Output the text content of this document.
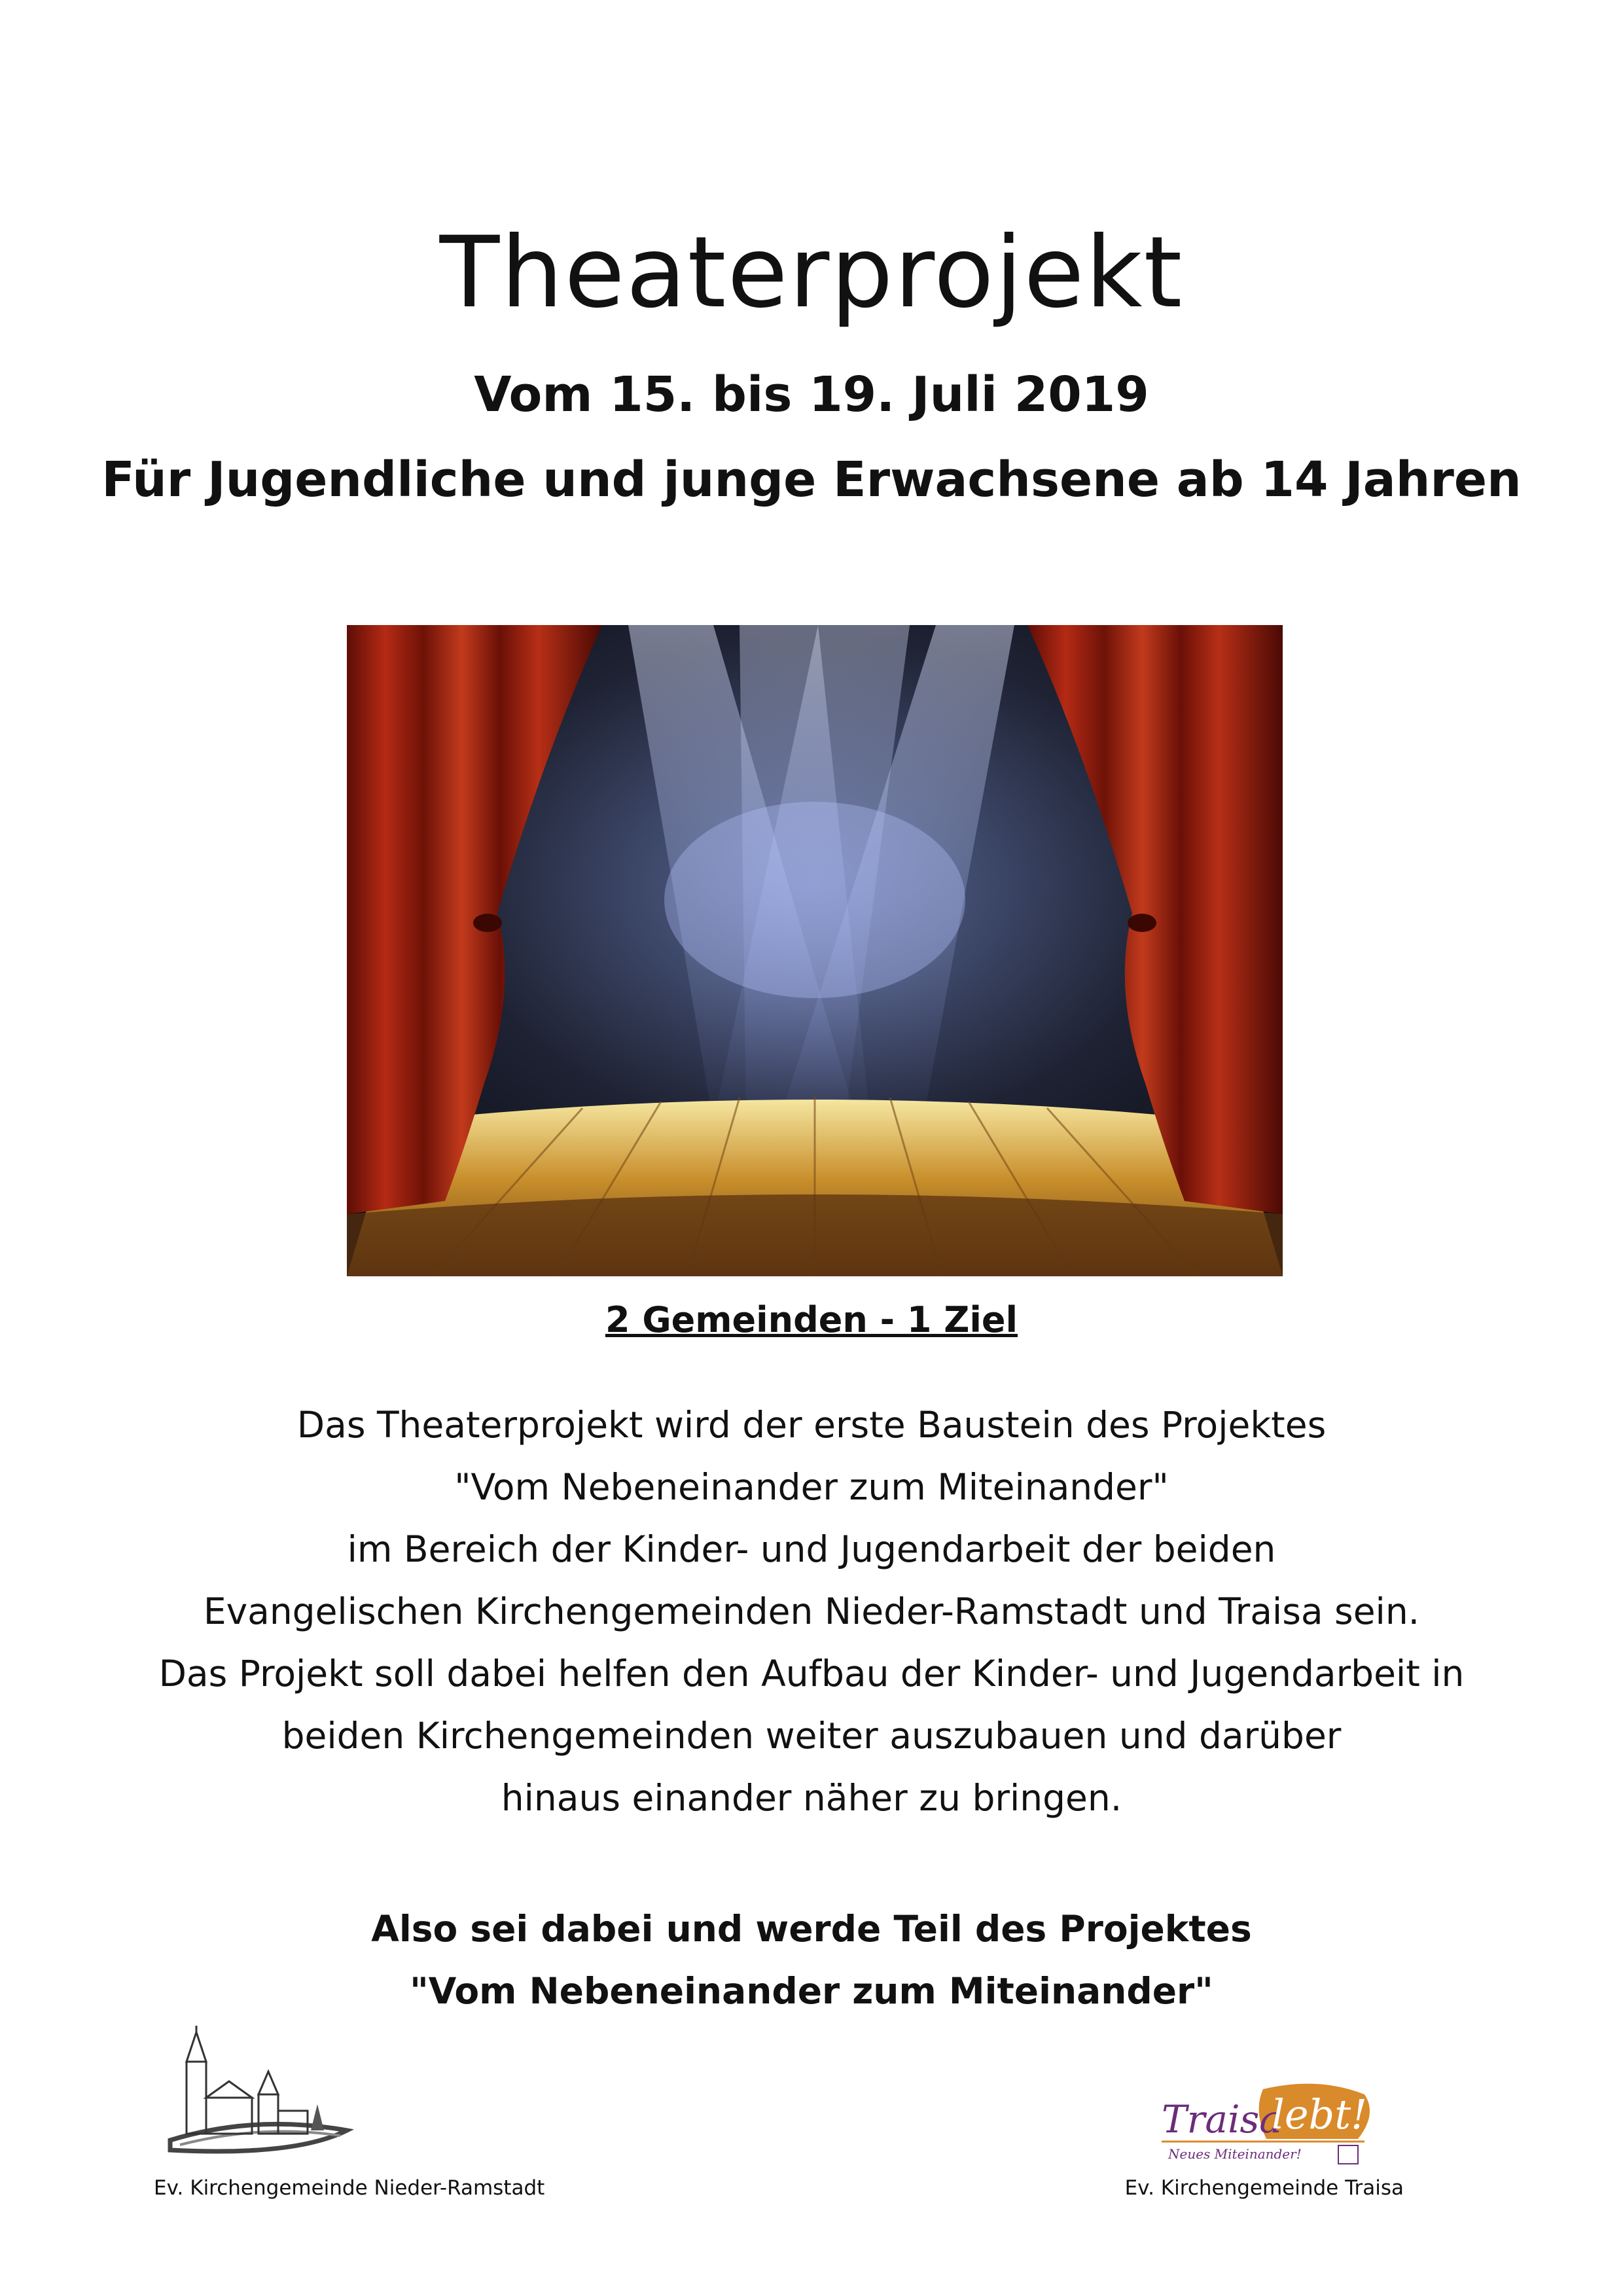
Theaterprojekt
Vom 15. bis 19. Juli 2019
Für Jugendliche und junge Erwachsene ab 14 Jahren
2 Gemeinden - 1 Ziel
Das Theaterprojekt wird der erste Baustein des Projektes
"Vom Nebeneinander zum Miteinander"
im Bereich der Kinder- und Jugendarbeit der beiden
Evangelischen Kirchengemeinden Nieder-Ramstadt und Traisa sein.
Das Projekt soll dabei helfen den Aufbau der Kinder- und Jugendarbeit in
beiden Kirchengemeinden weiter auszubauen und darüber
hinaus einander näher zu bringen.
Also sei dabei und werde Teil des Projektes
"Vom Nebeneinander zum Miteinander"
Traisa
lebt!
Neues Miteinander!
Ev. Kirchengemeinde Nieder-Ramstadt	Ev. Kirchengemeinde Traisa
